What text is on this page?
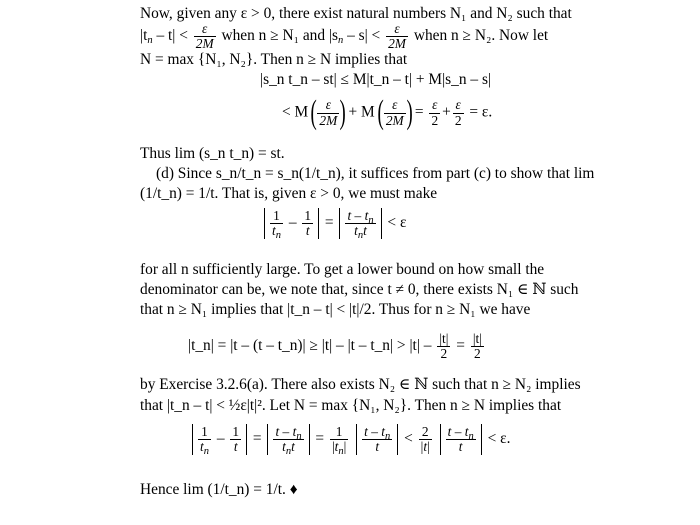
Now, given any ε > 0, there exist natural numbers N₁ and N₂ such that
$|t_n - t| < \frac{\varepsilon}{2M}$ when n ≥ N₁ and $|s_n - s| < \frac{\varepsilon}{2M}$ when n ≥ N₂. Now let
N = max {N₁, N₂}. Then n ≥ N implies that
|s_n t_n – st| ≤ M|t_n – t| + M|s_n – s|
< M ( $\frac{\varepsilon}{2M}$ ) + M ( $\frac{\varepsilon}{2M}$ ) = $\frac{\varepsilon}{2} + \frac{\varepsilon}{2} = \varepsilon$.
Thus lim (s_n t_n) = st.
(d) Since s_n/t_n = s_n(1/t_n), it suffices from part (c) to show that lim
(1/t_n) = 1/t. That is, given ε > 0, we must make
$\frac{1}{t_n} - \frac{1}{t} = \frac{t - t_n}{t_nt} < \varepsilon$
for all n sufficiently large. To get a lower bound on how small the
denominator can be, we note that, since t ≠ 0, there exists N₁ ∈ ℕ such
that n ≥ N₁ implies that |t_n – t| < |t|/2. Thus for n ≥ N₁ we have
|t_n| = |t – (t – t_n)| ≥ |t| – |t – t_n| > $|t| - \frac{|t|}{2} = \frac{|t|}{2}$
by Exercise 3.2.6(a). There also exists N₂ ∈ ℕ such that n ≥ N₂ implies
that |t_n – t| < ½ε|t|². Let N = max {N₁, N₂}. Then n ≥ N implies that
$\frac{1}{t_n} - \frac{1}{t} = \frac{t - t_n}{t_nt} = \frac{1}{|t_n|}$
$\frac{t - t_n}{t} < \frac{2}{|t|}$
$\frac{t - t_n}{t} < \varepsilon$.
Hence lim (1/t_n) = 1/t. ♦
